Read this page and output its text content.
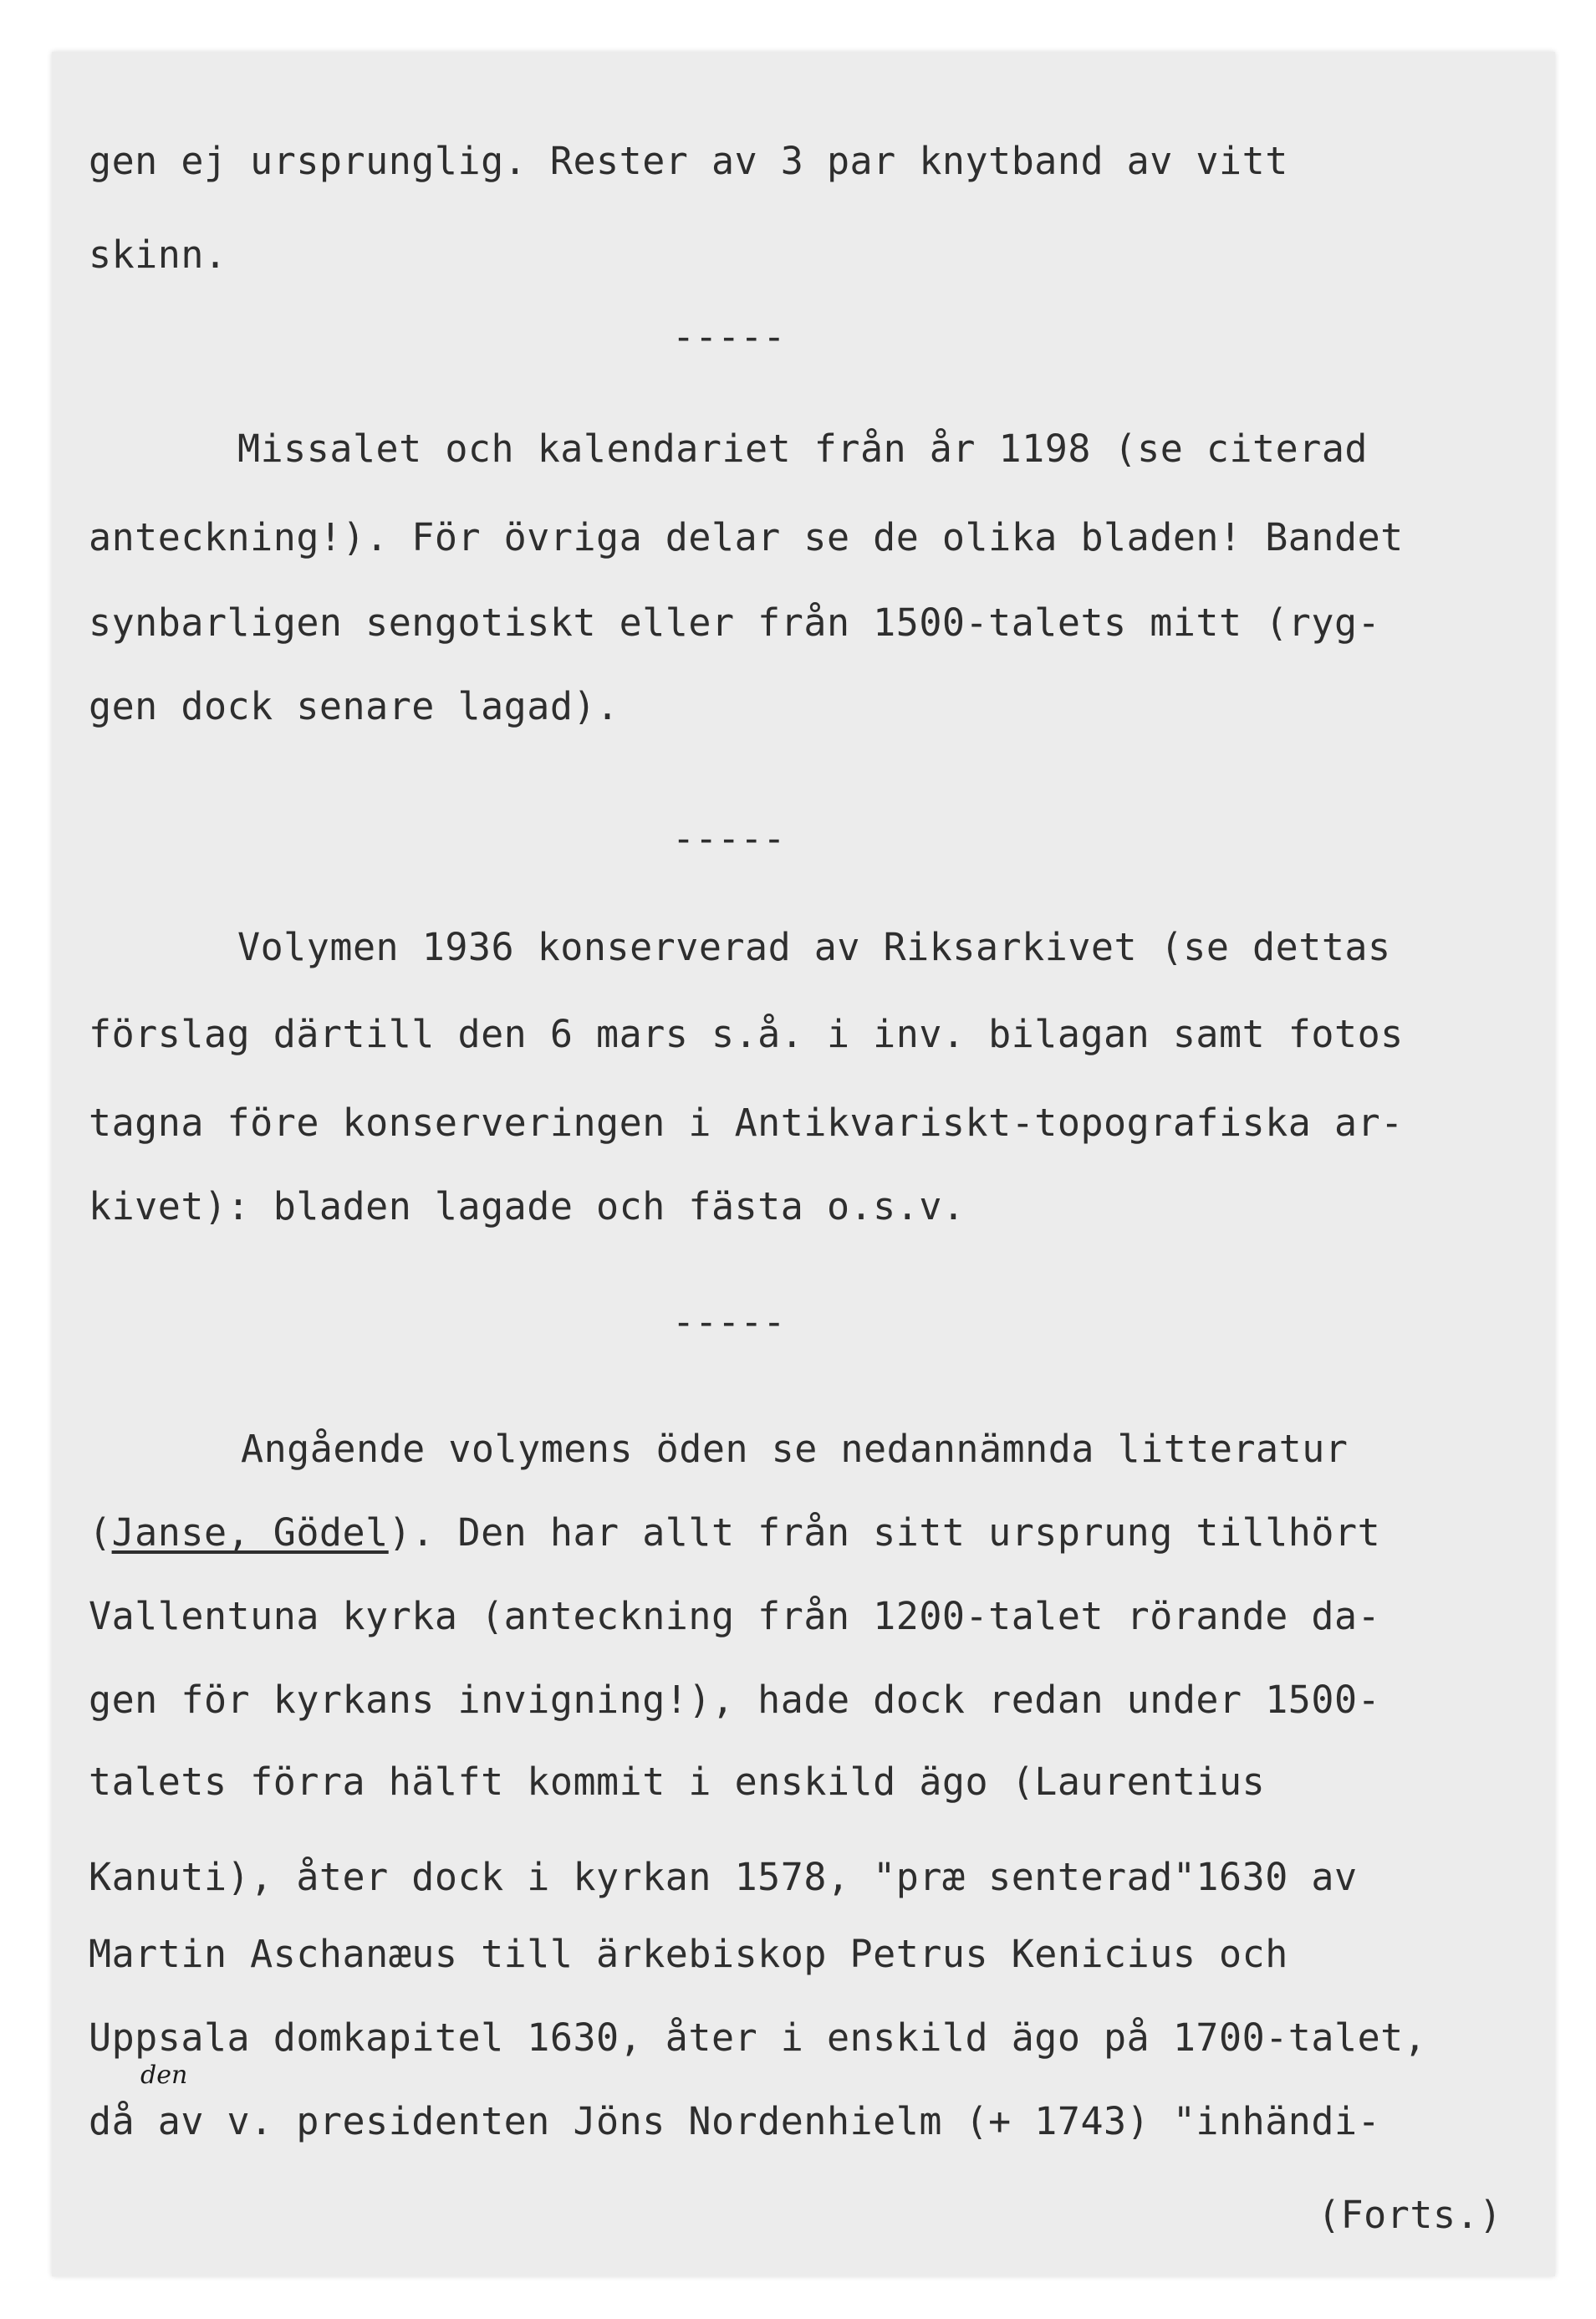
gen ej ursprunglig. Rester av 3 par knytband av vitt
skinn.
-----
Missalet och kalendariet från år 1198 (se citerad
anteckning!). För övriga delar se de olika bladen! Bandet
synbarligen sengotiskt eller från 1500-talets mitt (ryg-
gen dock senare lagad).
-----
Volymen 1936 konserverad av Riksarkivet (se dettas
förslag därtill den 6 mars s.å. i inv. bilagan samt fotos
tagna före konserveringen i Antikvariskt-topografiska ar-
kivet): bladen lagade och fästa o.s.v.
-----
Angående volymens öden se nedannämnda litteratur
(Janse, Gödel). Den har allt från sitt ursprung tillhört
Vallentuna kyrka (anteckning från 1200-talet rörande da-
gen för kyrkans invigning!), hade dock redan under 1500-
talets förra hälft kommit i enskild ägo (Laurentius
Kanuti), åter dock i kyrkan 1578, "præ senterad"1630 av
Martin Aschanæus till ärkebiskop Petrus Kenicius och
Uppsala domkapitel 1630, åter i enskild ägo på 1700-talet,
den
då av v. presidenten Jöns Nordenhielm (+ 1743) "inhändi-
(Forts.)
